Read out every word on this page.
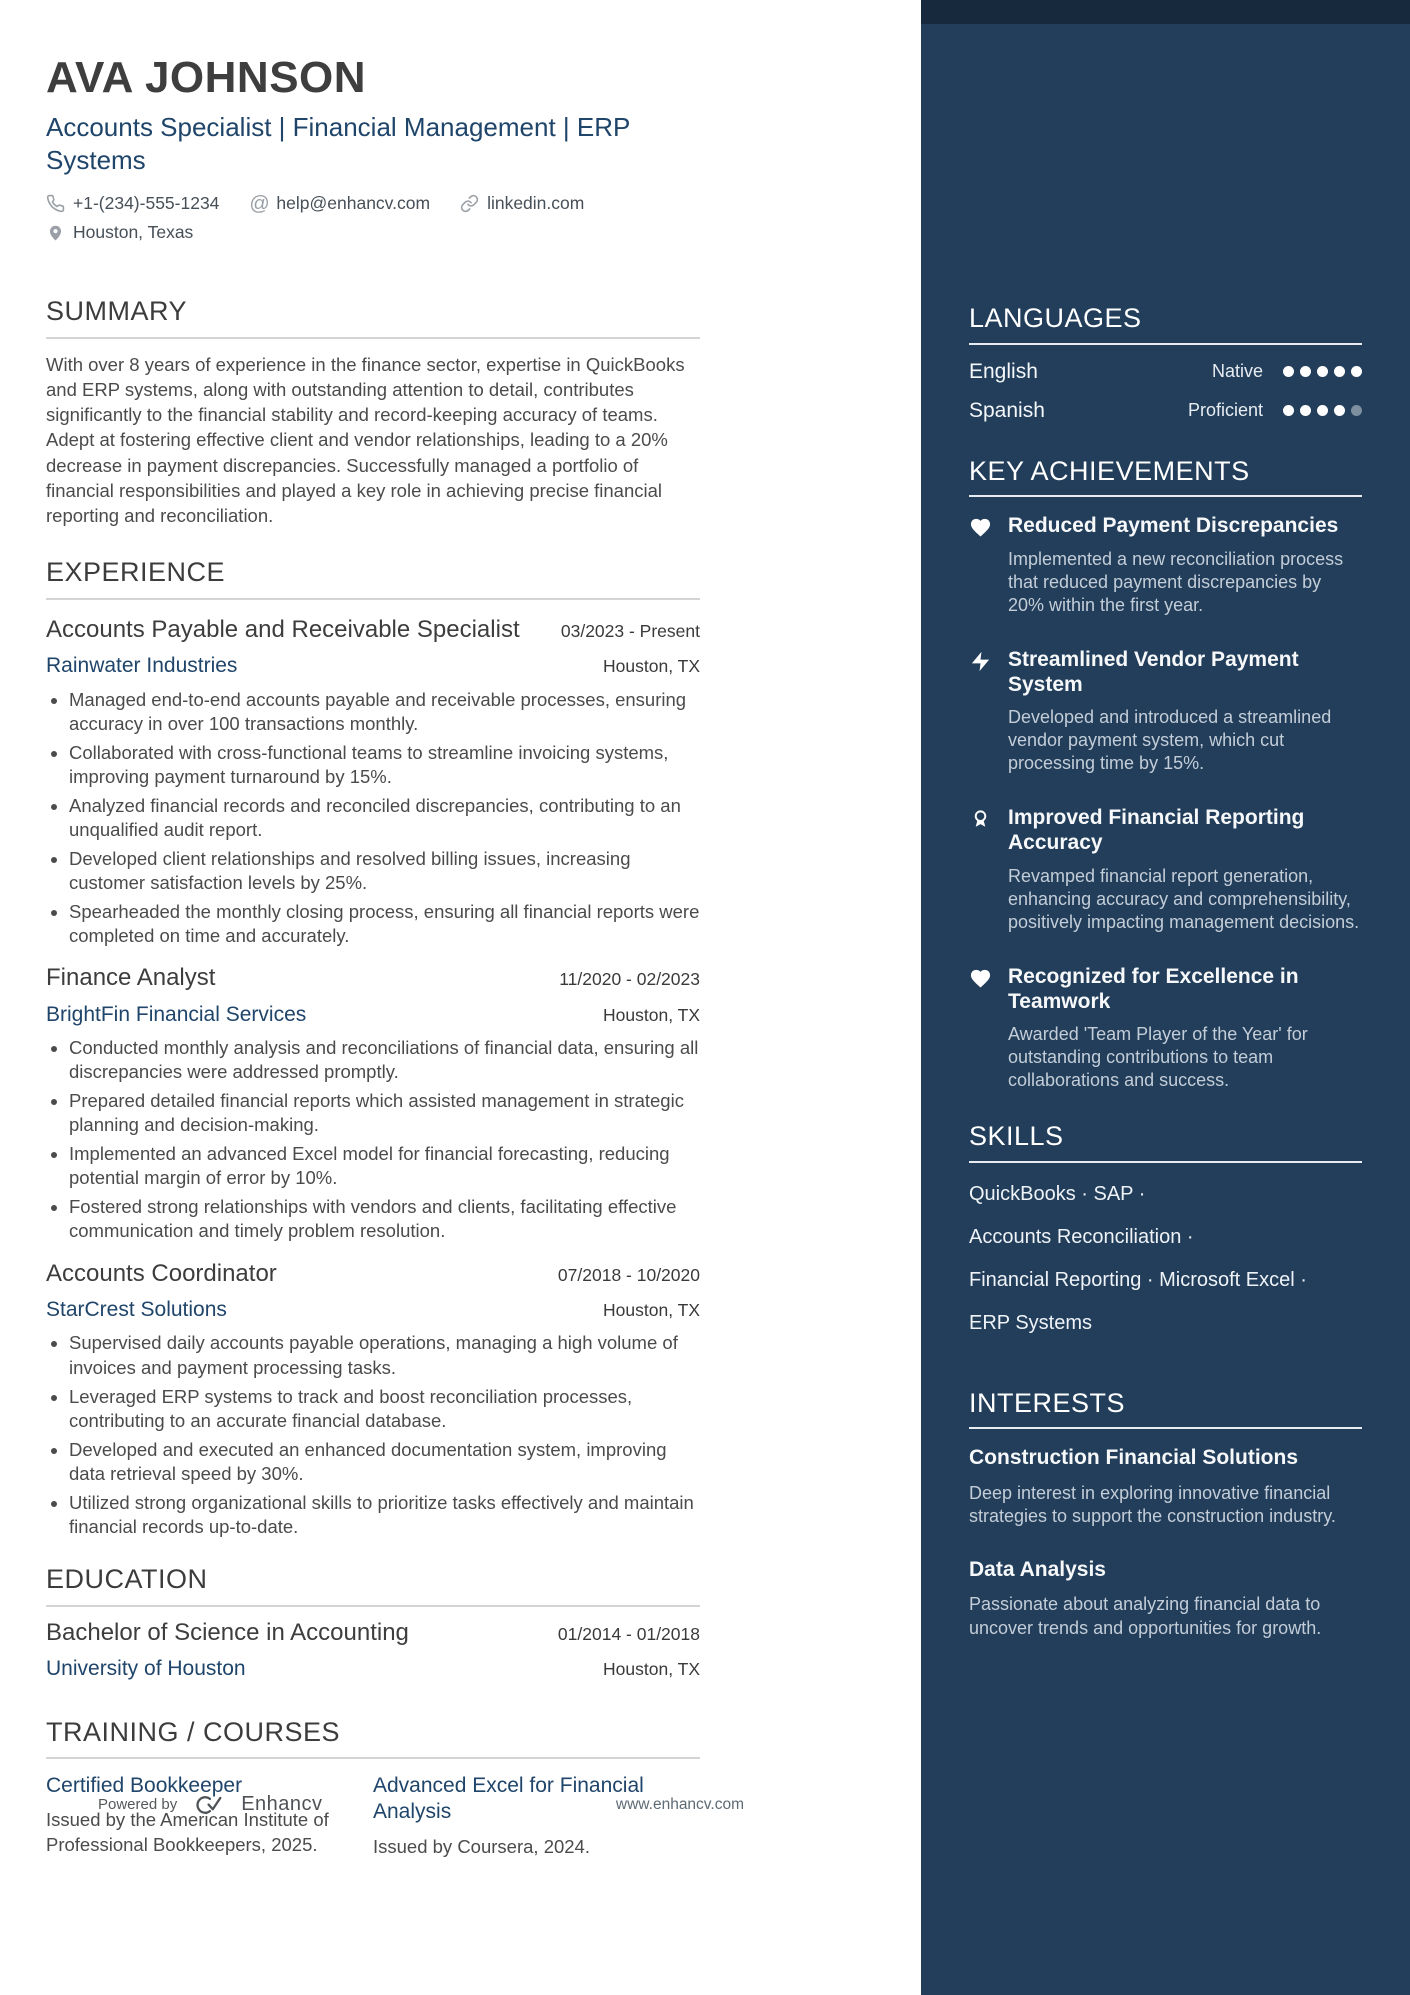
AVA JOHNSON
Accounts Specialist | Financial Management | ERP Systems
+1-(234)-555-1234 @ help@enhancv.com	linkedin.com
Houston, Texas
SUMMARY

With over 8 years of experience in the finance sector, expertise in QuickBooks and ERP systems, along with outstanding attention to detail, contributes significantly to the financial stability and record-keeping accuracy of teams. Adept at fostering effective client and vendor relationships, leading to a 20% decrease in payment discrepancies. Successfully managed a portfolio of financial responsibilities and played a key role in achieving precise financial reporting and reconciliation.

EXPERIENCE
Accounts Payable and Receivable Specialist 03/2023 - Present
Rainwater Industries	Houston, TX
• Managed end-to-end accounts payable and receivable processes, ensuring accuracy in over 100 transactions monthly.
• Collaborated with cross-functional teams to streamline invoicing systems, improving payment turnaround by 15%.
• Analyzed financial records and reconciled discrepancies, contributing to an unqualified audit report.
• Developed client relationships and resolved billing issues, increasing customer satisfaction levels by 25%.
• Spearheaded the monthly closing process, ensuring all financial reports were completed on time and accurately.
Finance Analyst	11/2020 - 02/2023
BrightFin Financial Services	Houston, TX
• Conducted monthly analysis and reconciliations of financial data, ensuring all discrepancies were addressed promptly.
• Prepared detailed financial reports which assisted management in strategic planning and decision-making.
• Implemented an advanced Excel model for financial forecasting, reducing potential margin of error by 10%.
• Fostered strong relationships with vendors and clients, facilitating effective communication and timely problem resolution.
Accounts Coordinator	07/2018 - 10/2020
StarCrest Solutions	Houston, TX
• Supervised daily accounts payable operations, managing a high volume of invoices and payment processing tasks.
• Leveraged ERP systems to track and boost reconciliation processes, contributing to an accurate financial database.
• Developed and executed an enhanced documentation system, improving data retrieval speed by 30%.
• Utilized strong organizational skills to prioritize tasks effectively and maintain financial records up-to-date.
EDUCATION
Bachelor of Science in Accounting	01/2014 - 01/2018
University of Houston	Houston, TX
TRAINING / COURSES
Certified Bookkeeper
Issued by the American Institute of Professional Bookkeepers, 2025.
Advanced Excel for Financial Analysis
Issued by Coursera, 2024.
Powered by	Enhancv	www.enhancv.com
LANGUAGES
English	Native
Spanish	Proficient
KEY ACHIEVEMENTS

Reduced Payment Discrepancies

Implemented a new reconciliation process that reduced payment discrepancies by 20% within the first year.

Streamlined Vendor Payment System

Developed and introduced a streamlined vendor payment system, which cut processing time by 15%.

Improved Financial Reporting Accuracy

Revamped financial report generation, enhancing accuracy and comprehensibility, positively impacting management decisions.

Recognized for Excellence in Teamwork

Awarded 'Team Player of the Year' for outstanding contributions to team collaborations and success.

SKILLS
QuickBooks · SAP ·
Accounts Reconciliation ·
Financial Reporting · Microsoft Excel ·
ERP Systems
INTERESTS

Construction Financial Solutions

Deep interest in exploring innovative financial strategies to support the construction industry.

Data Analysis

Passionate about analyzing financial data to uncover trends and opportunities for growth.
